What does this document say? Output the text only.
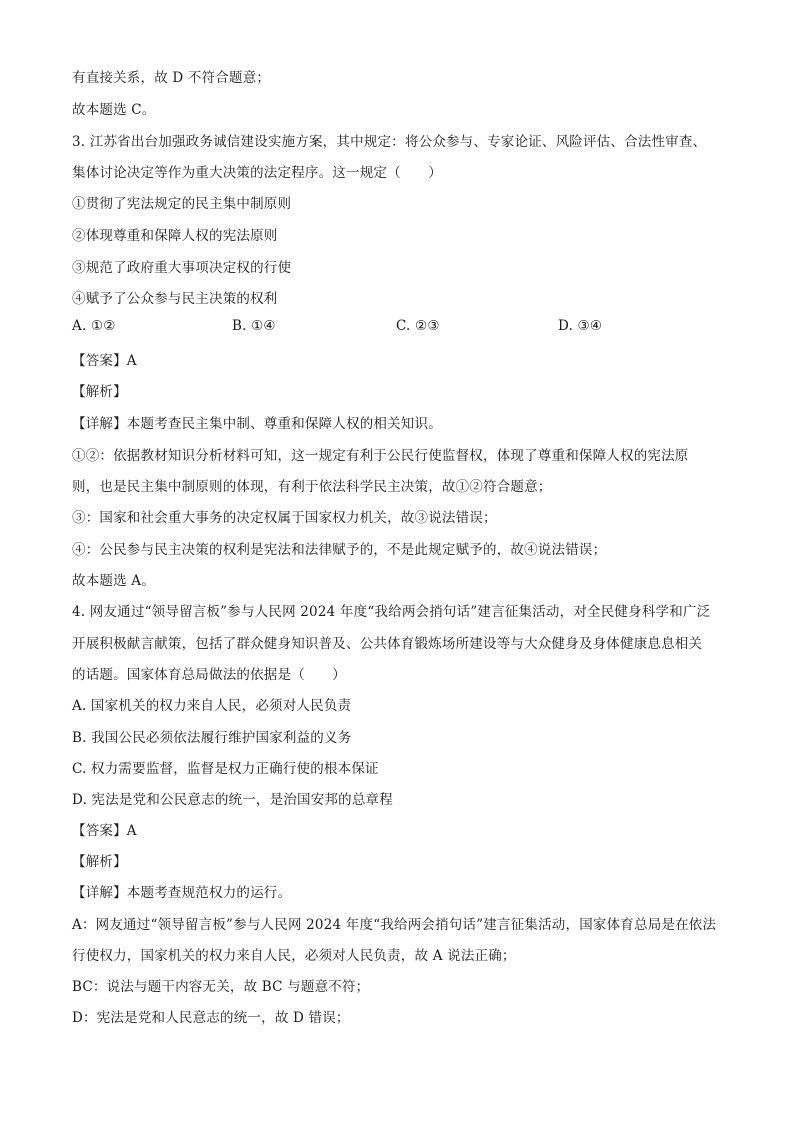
有直接关系，故 D 不符合题意；
故本题选 C。
3. 江苏省出台加强政务诚信建设实施方案，其中规定：将公众参与、专家论证、风险评估、合法性审查、
集体讨论决定等作为重大决策的法定程序。这一规定（　　）
①贯彻了宪法规定的民主集中制原则
②体现尊重和保障人权的宪法原则
③规范了政府重大事项决定权的行使
④赋予了公众参与民主决策的权利
A. ①②	B. ①④	C. ②③	D. ③④
【答案】A
【解析】
【详解】本题考查民主集中制、尊重和保障人权的相关知识。
①②：依据教材知识分析材料可知，这一规定有利于公民行使监督权，体现了尊重和保障人权的宪法原
则，也是民主集中制原则的体现，有利于依法科学民主决策，故①②符合题意；
③：国家和社会重大事务的决定权属于国家权力机关，故③说法错误；
④：公民参与民主决策的权利是宪法和法律赋予的，不是此规定赋予的，故④说法错误；
故本题选 A。
4. 网友通过“领导留言板”参与人民网 2024 年度“我给两会捎句话”建言征集活动，对全民健身科学和广泛
开展积极献言献策，包括了群众健身知识普及、公共体育锻炼场所建设等与大众健身及身体健康息息相关
的话题。国家体育总局做法的依据是（　　）
A. 国家机关的权力来自人民，必须对人民负责
B. 我国公民必须依法履行维护国家利益的义务
C. 权力需要监督，监督是权力正确行使的根本保证
D. 宪法是党和公民意志的统一，是治国安邦的总章程
【答案】A
【解析】
【详解】本题考查规范权力的运行。
A：网友通过“领导留言板”参与人民网 2024 年度“我给两会捎句话”建言征集活动，国家体育总局是在依法
行使权力，国家机关的权力来自人民，必须对人民负责，故 A 说法正确；
BC：说法与题干内容无关，故 BC 与题意不符；
D：宪法是党和人民意志的统一，故 D 错误；
